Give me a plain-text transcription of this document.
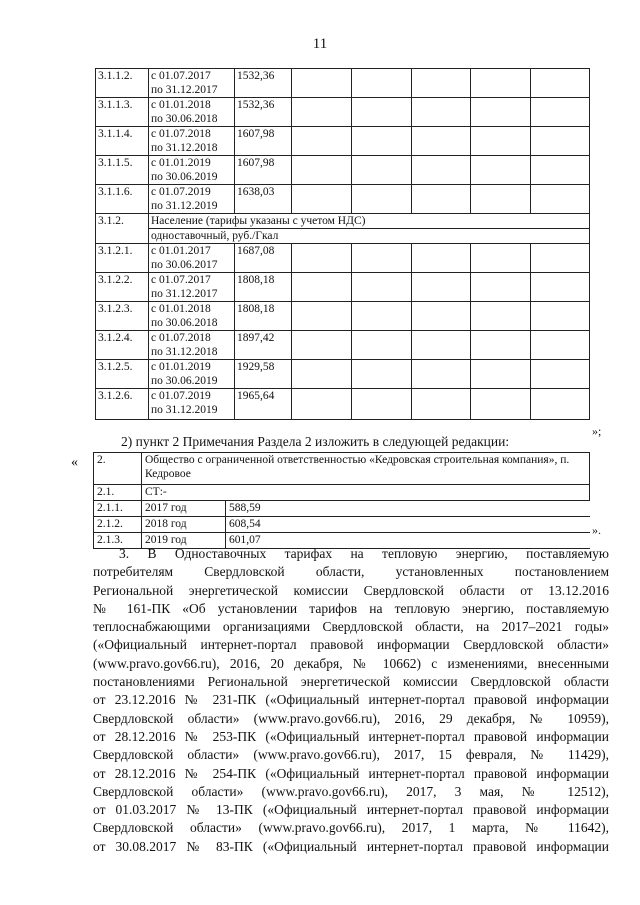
11
3.1.1.2.	с 01.07.2017
по 31.12.2017	1532,36					
3.1.1.3.	с 01.01.2018
по 30.06.2018	1532,36					
3.1.1.4.	с 01.07.2018
по 31.12.2018	1607,98					
3.1.1.5.	с 01.01.2019
по 30.06.2019	1607,98					
3.1.1.6.	с 01.07.2019
по 31.12.2019	1638,03					
3.1.2.	Население (тарифы указаны с учетом НДС)
одноставочный, руб./Гкал						

3.1.2.1.	с 01.01.2017
по 30.06.2017	1687,08					
3.1.2.2.	с 01.07.2017
по 31.12.2017	1808,18					
3.1.2.3.	с 01.01.2018
по 30.06.2018	1808,18					
3.1.2.4.	с 01.07.2018
по 31.12.2018	1897,42					
3.1.2.5.	с 01.01.2019
по 30.06.2019	1929,58					
3.1.2.6.	с 01.07.2019
по 31.12.2019	1965,64					
»;
2) пункт 2 Примечания Раздела 2 изложить в следующей редакции:
« 2.	Общество с ограниченной ответственностью «Кедровская строительная компания», п. Кедровое	
2.1.	СТ:-	
2.1.1.	2017 год	588,59
2.1.2.	2018 год	608,54
2.1.3.	2019 год	601,07
».
3. В Одноставочных тарифах на тепловую энергию, поставляемую
потребителям Свердловской области, установленных постановлением
Региональной энергетической комиссии Свердловской области от 13.12.2016
№ 161-ПК «Об установлении тарифов на тепловую энергию, поставляемую
теплоснабжающими организациями Свердловской области, на 2017–2021 годы»
(«Официальный интернет-портал правовой информации Свердловской области»
(www.pravo.gov66.ru), 2016, 20 декабря, № 10662) с изменениями, внесенными
постановлениями Региональной энергетической комиссии Свердловской области
от 23.12.2016 № 231-ПК («Официальный интернет-портал правовой информации
Свердловской области» (www.pravo.gov66.ru), 2016, 29 декабря, № 10959),
от 28.12.2016 № 253-ПК («Официальный интернет-портал правовой информации
Свердловской области» (www.pravo.gov66.ru), 2017, 15 февраля, № 11429),
от 28.12.2016 № 254-ПК («Официальный интернет-портал правовой информации
Свердловской области» (www.pravo.gov66.ru), 2017, 3 мая, № 12512),
от 01.03.2017 № 13-ПК («Официальный интернет-портал правовой информации
Свердловской области» (www.pravo.gov66.ru), 2017, 1 марта, № 11642),
от 30.08.2017 № 83-ПК («Официальный интернет-портал правовой информации
